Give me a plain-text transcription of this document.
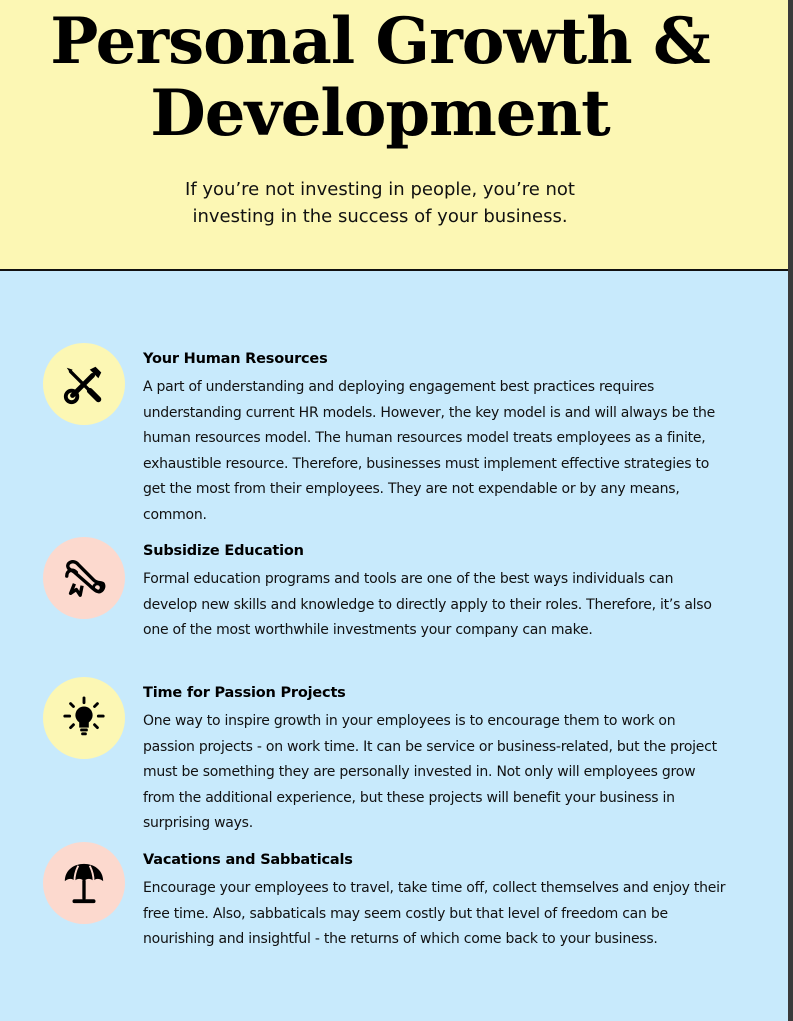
Personal Growth & Development

If you’re not investing in people, you’re not investing in the success of your business.

Your Human Resources

A part of understanding and deploying engagement best practices requires understanding current HR models. However, the key model is and will always be the human resources model. The human resources model treats employees as a finite, exhaustible resource. Therefore, businesses must implement effective strategies to get the most from their employees. They are not expendable or by any means, common.

Subsidize Education

Formal education programs and tools are one of the best ways individuals can develop new skills and knowledge to directly apply to their roles. Therefore, it’s also one of the most worthwhile investments your company can make.

Time for Passion Projects

One way to inspire growth in your employees is to encourage them to work on passion projects - on work time. It can be service or business-related, but the project must be something they are personally invested in. Not only will employees grow from the additional experience, but these projects will benefit your business in surprising ways.

Vacations and Sabbaticals

Encourage your employees to travel, take time off, collect themselves and enjoy their free time. Also, sabbaticals may seem costly but that level of freedom can be nourishing and insightful - the returns of which come back to your business.
